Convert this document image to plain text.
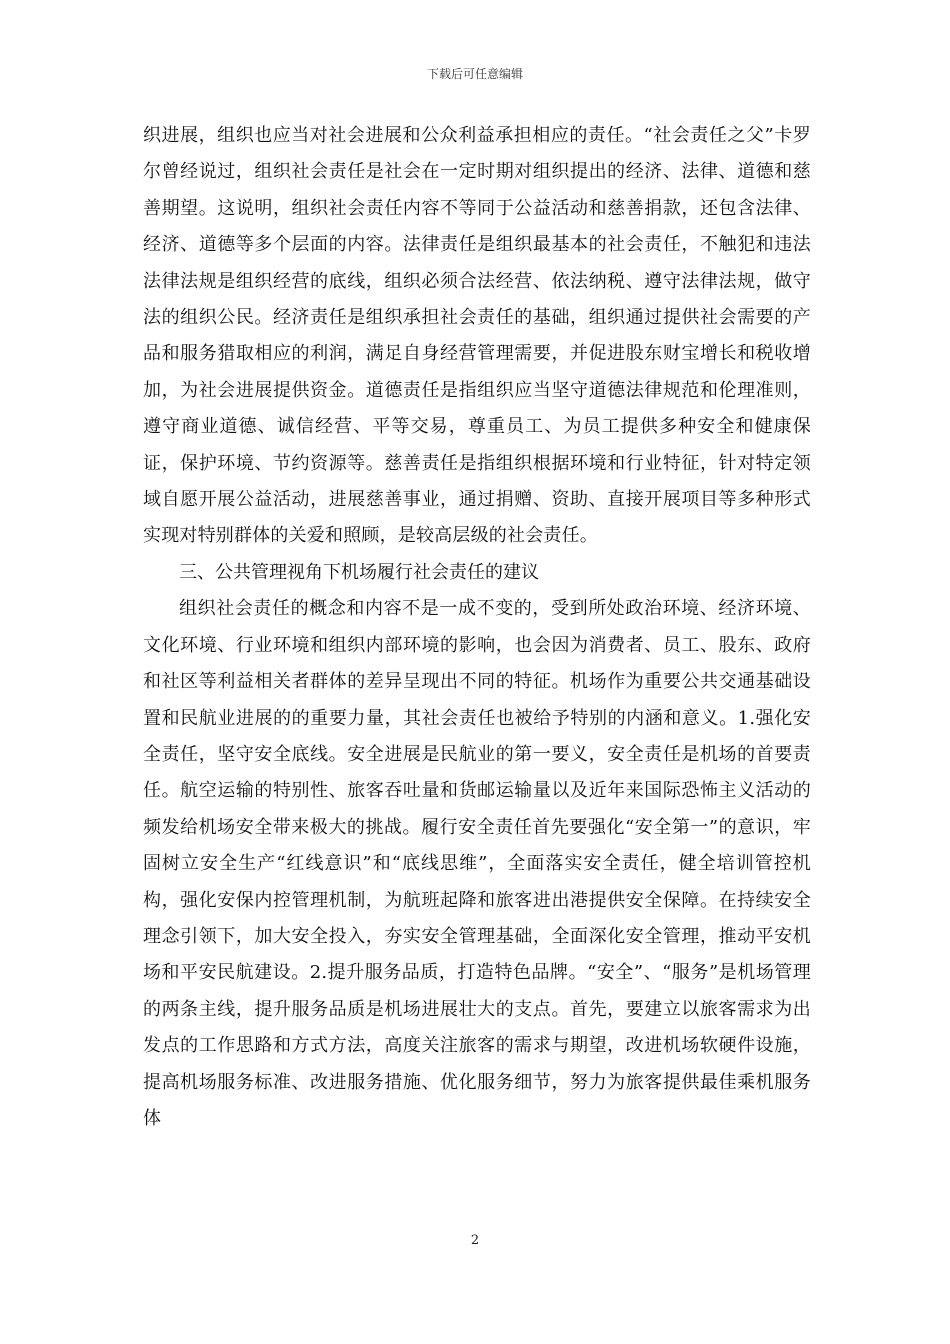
下载后可任意编辑

织进展，组织也应当对社会进展和公众利益承担相应的责任。“社会责任之父”卡罗尔曾经说过，组织社会责任是社会在一定时期对组织提出的经济、法律、道德和慈善期望。这说明，组织社会责任内容不等同于公益活动和慈善捐款，还包含法律、经济、道德等多个层面的内容。法律责任是组织最基本的社会责任，不触犯和违法法律法规是组织经营的底线，组织必须合法经营、依法纳税、遵守法律法规，做守法的组织公民。经济责任是组织承担社会责任的基础，组织通过提供社会需要的产品和服务猎取相应的利润，满足自身经营管理需要，并促进股东财宝增长和税收增加，为社会进展提供资金。道德责任是指组织应当坚守道德法律规范和伦理准则，遵守商业道德、诚信经营、平等交易，尊重员工、为员工提供多种安全和健康保证，保护环境、节约资源等。慈善责任是指组织根据环境和行业特征，针对特定领域自愿开展公益活动，进展慈善事业，通过捐赠、资助、直接开展项目等多种形式实现对特别群体的关爱和照顾，是较高层级的社会责任。

三、公共管理视角下机场履行社会责任的建议

组织社会责任的概念和内容不是一成不变的，受到所处政治环境、经济环境、文化环境、行业环境和组织内部环境的影响，也会因为消费者、员工、股东、政府和社区等利益相关者群体的差异呈现出不同的特征。机场作为重要公共交通基础设置和民航业进展的的重要力量，其社会责任也被给予特别的内涵和意义。1.强化安全责任，坚守安全底线。安全进展是民航业的第一要义，安全责任是机场的首要责任。航空运输的特别性、旅客吞吐量和货邮运输量以及近年来国际恐怖主义活动的频发给机场安全带来极大的挑战。履行安全责任首先要强化“安全第一”的意识，牢固树立安全生产“红线意识”和“底线思维”，全面落实安全责任，健全培训管控机构，强化安保内控管理机制，为航班起降和旅客进出港提供安全保障。在持续安全理念引领下，加大安全投入，夯实安全管理基础，全面深化安全管理，推动平安机场和平安民航建设。2.提升服务品质，打造特色品牌。“安全”、“服务”是机场管理的两条主线，提升服务品质是机场进展壮大的支点。首先，要建立以旅客需求为出发点的工作思路和方式方法，高度关注旅客的需求与期望，改进机场软硬件设施，提高机场服务标准、改进服务措施、优化服务细节，努力为旅客提供最佳乘机服务体

2
